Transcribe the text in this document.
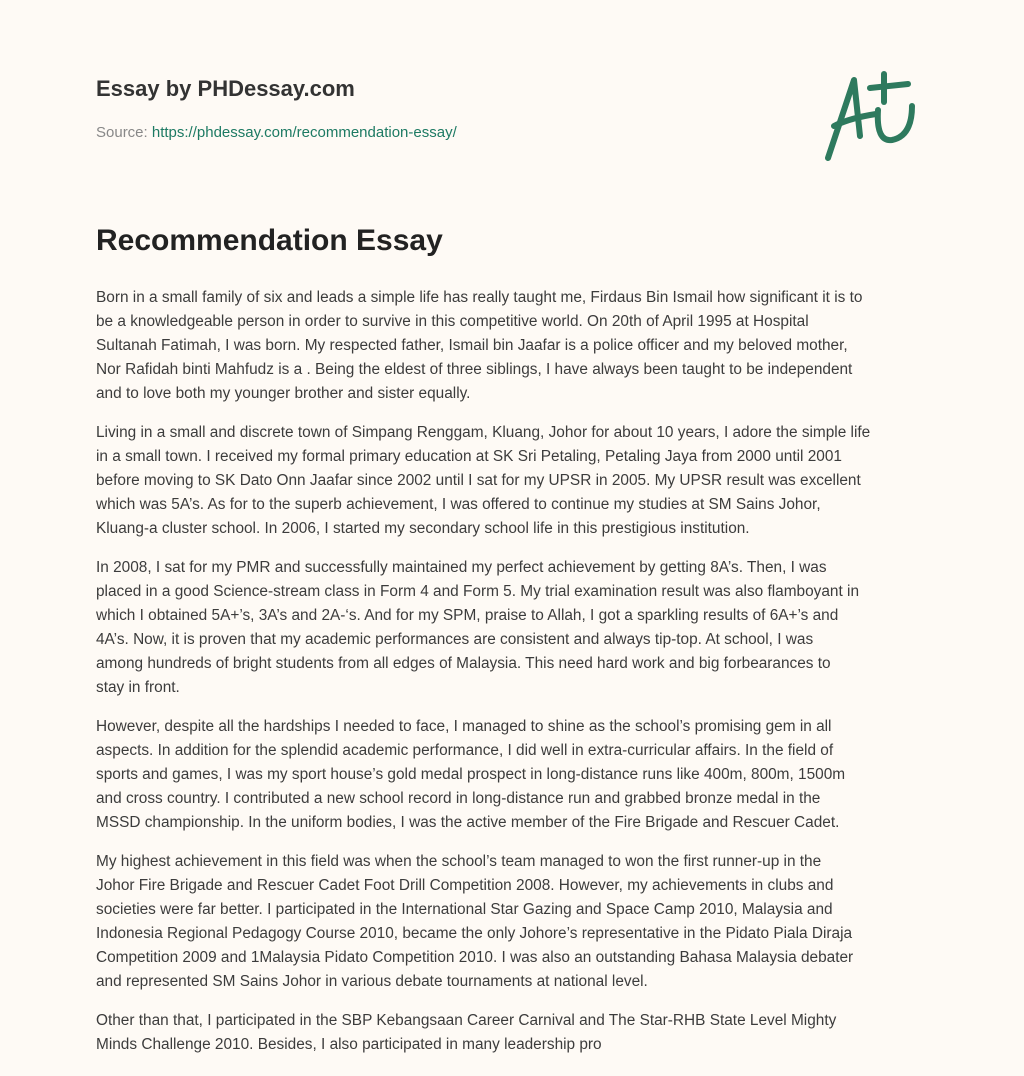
Essay by PHDessay.com
Source: https://phdessay.com/recommendation-essay/
Recommendation Essay

Born in a small family of six and leads a simple life has really taught me, Firdaus Bin Ismail how significant it is to
be a knowledgeable person in order to survive in this competitive world. On 20th of April 1995 at Hospital
Sultanah Fatimah, I was born. My respected father, Ismail bin Jaafar is a police officer and my beloved mother,
Nor Rafidah binti Mahfudz is a . Being the eldest of three siblings, I have always been taught to be independent
and to love both my younger brother and sister equally.

Living in a small and discrete town of Simpang Renggam, Kluang, Johor for about 10 years, I adore the simple life
in a small town. I received my formal primary education at SK Sri Petaling, Petaling Jaya from 2000 until 2001
before moving to SK Dato Onn Jaafar since 2002 until I sat for my UPSR in 2005. My UPSR result was excellent
which was 5A’s. As for to the superb achievement, I was offered to continue my studies at SM Sains Johor,
Kluang-a cluster school. In 2006, I started my secondary school life in this prestigious institution.

In 2008, I sat for my PMR and successfully maintained my perfect achievement by getting 8A’s. Then, I was
placed in a good Science-stream class in Form 4 and Form 5. My trial examination result was also flamboyant in
which I obtained 5A+’s, 3A’s and 2A-‘s. And for my SPM, praise to Allah, I got a sparkling results of 6A+’s and
4A’s. Now, it is proven that my academic performances are consistent and always tip-top. At school, I was
among hundreds of bright students from all edges of Malaysia. This need hard work and big forbearances to
stay in front.

However, despite all the hardships I needed to face, I managed to shine as the school’s promising gem in all
aspects. In addition for the splendid academic performance, I did well in extra-curricular affairs. In the field of
sports and games, I was my sport house’s gold medal prospect in long-distance runs like 400m, 800m, 1500m
and cross country. I contributed a new school record in long-distance run and grabbed bronze medal in the
MSSD championship. In the uniform bodies, I was the active member of the Fire Brigade and Rescuer Cadet.

My highest achievement in this field was when the school’s team managed to won the first runner-up in the
Johor Fire Brigade and Rescuer Cadet Foot Drill Competition 2008. However, my achievements in clubs and
societies were far better. I participated in the International Star Gazing and Space Camp 2010, Malaysia and
Indonesia Regional Pedagogy Course 2010, became the only Johore’s representative in the Pidato Piala Diraja
Competition 2009 and 1Malaysia Pidato Competition 2010. I was also an outstanding Bahasa Malaysia debater
and represented SM Sains Johor in various debate tournaments at national level.

Other than that, I participated in the SBP Kebangsaan Career Carnival and The Star-RHB State Level Mighty
Minds Challenge 2010. Besides, I also participated in many leadership pro
